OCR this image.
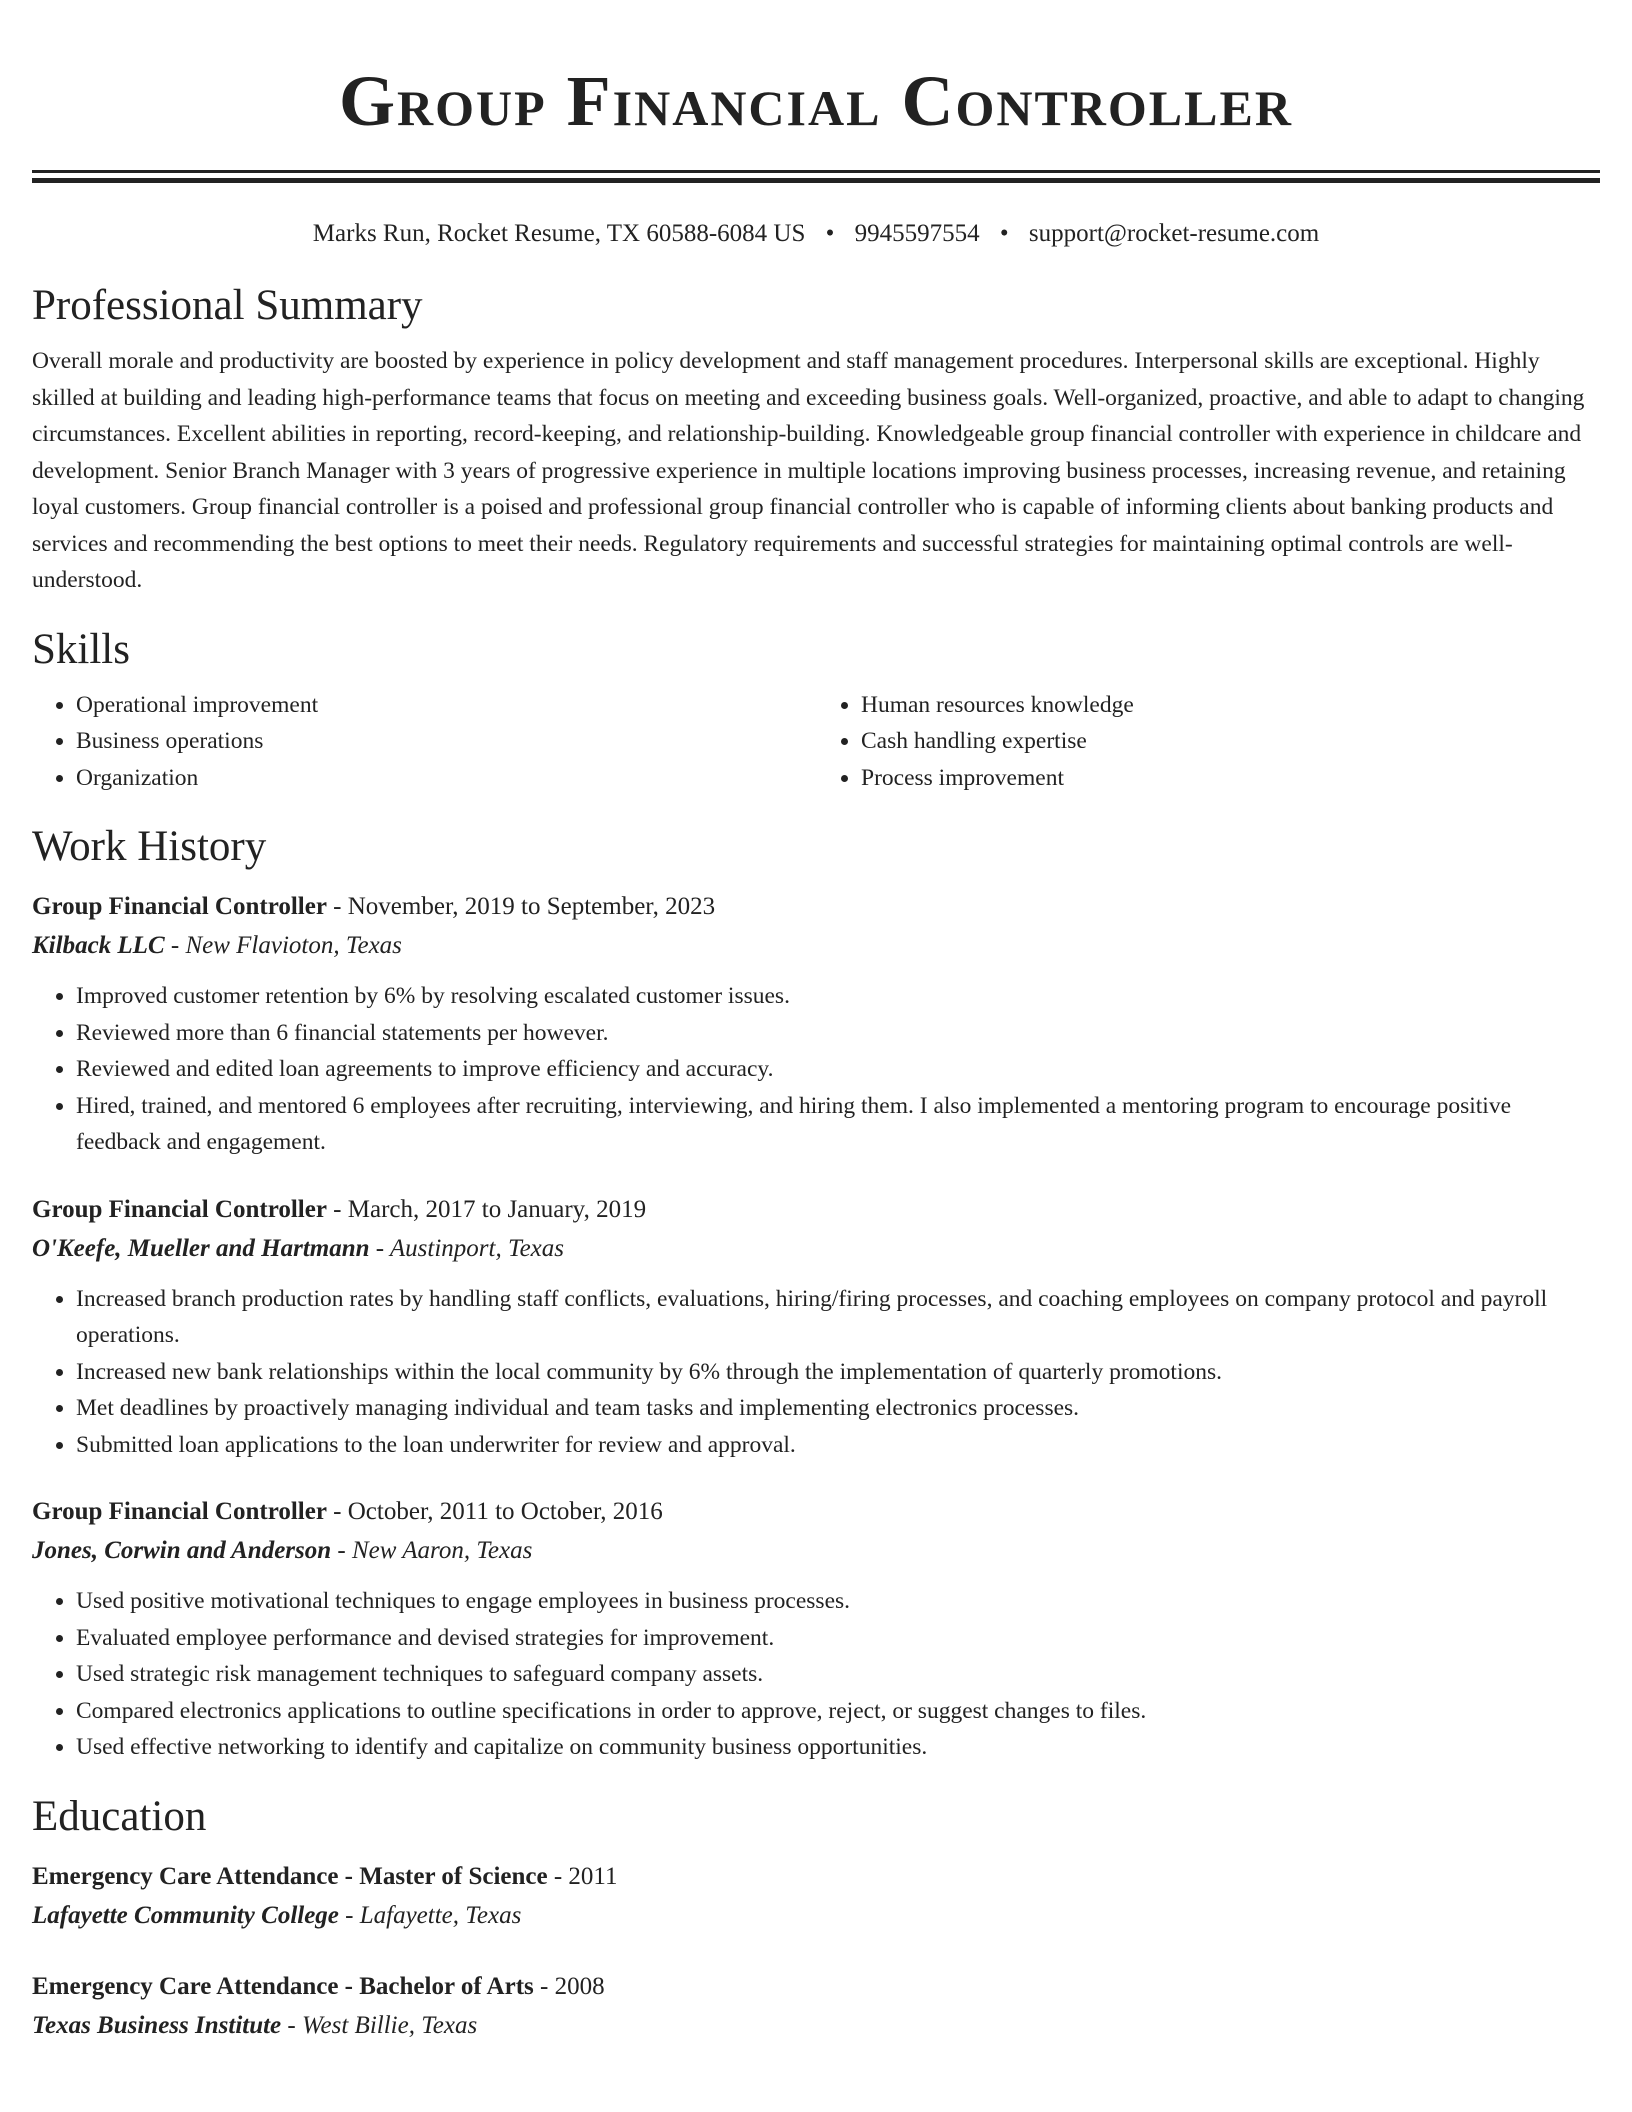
Group Financial Controller
Marks Run, Rocket Resume, TX 60588-6084 US • 9945597554 • support@rocket-resume.com
Professional Summary

Overall morale and productivity are boosted by experience in policy development and staff management procedures. Interpersonal skills are exceptional. Highly skilled at building and leading high-performance teams that focus on meeting and exceeding business goals. Well-organized, proactive, and able to adapt to changing circumstances. Excellent abilities in reporting, record-keeping, and relationship-building. Knowledgeable group financial controller with experience in childcare and development. Senior Branch Manager with 3 years of progressive experience in multiple locations improving business processes, increasing revenue, and retaining loyal customers. Group financial controller is a poised and professional group financial controller who is capable of informing clients about banking products and services and recommending the best options to meet their needs. Regulatory requirements and successful strategies for maintaining optimal controls are well-understood.

Skills
• Operational improvement
• Business operations
• Organization
• Human resources knowledge
• Cash handling expertise
• Process improvement
Work History
Group Financial Controller - November, 2019 to September, 2023
Kilback LLC - New Flavioton, Texas
• Improved customer retention by 6% by resolving escalated customer issues.
• Reviewed more than 6 financial statements per however.
• Reviewed and edited loan agreements to improve efficiency and accuracy.
• Hired, trained, and mentored 6 employees after recruiting, interviewing, and hiring them. I also implemented a mentoring program to encourage positive feedback and engagement.
Group Financial Controller - March, 2017 to January, 2019
O'Keefe, Mueller and Hartmann - Austinport, Texas
• Increased branch production rates by handling staff conflicts, evaluations, hiring/firing processes, and coaching employees on company protocol and payroll operations.
• Increased new bank relationships within the local community by 6% through the implementation of quarterly promotions.
• Met deadlines by proactively managing individual and team tasks and implementing electronics processes.
• Submitted loan applications to the loan underwriter for review and approval.
Group Financial Controller - October, 2011 to October, 2016
Jones, Corwin and Anderson - New Aaron, Texas
• Used positive motivational techniques to engage employees in business processes.
• Evaluated employee performance and devised strategies for improvement.
• Used strategic risk management techniques to safeguard company assets.
• Compared electronics applications to outline specifications in order to approve, reject, or suggest changes to files.
• Used effective networking to identify and capitalize on community business opportunities.
Education
Emergency Care Attendance - Master of Science - 2011
Lafayette Community College - Lafayette, Texas
Emergency Care Attendance - Bachelor of Arts - 2008
Texas Business Institute - West Billie, Texas
